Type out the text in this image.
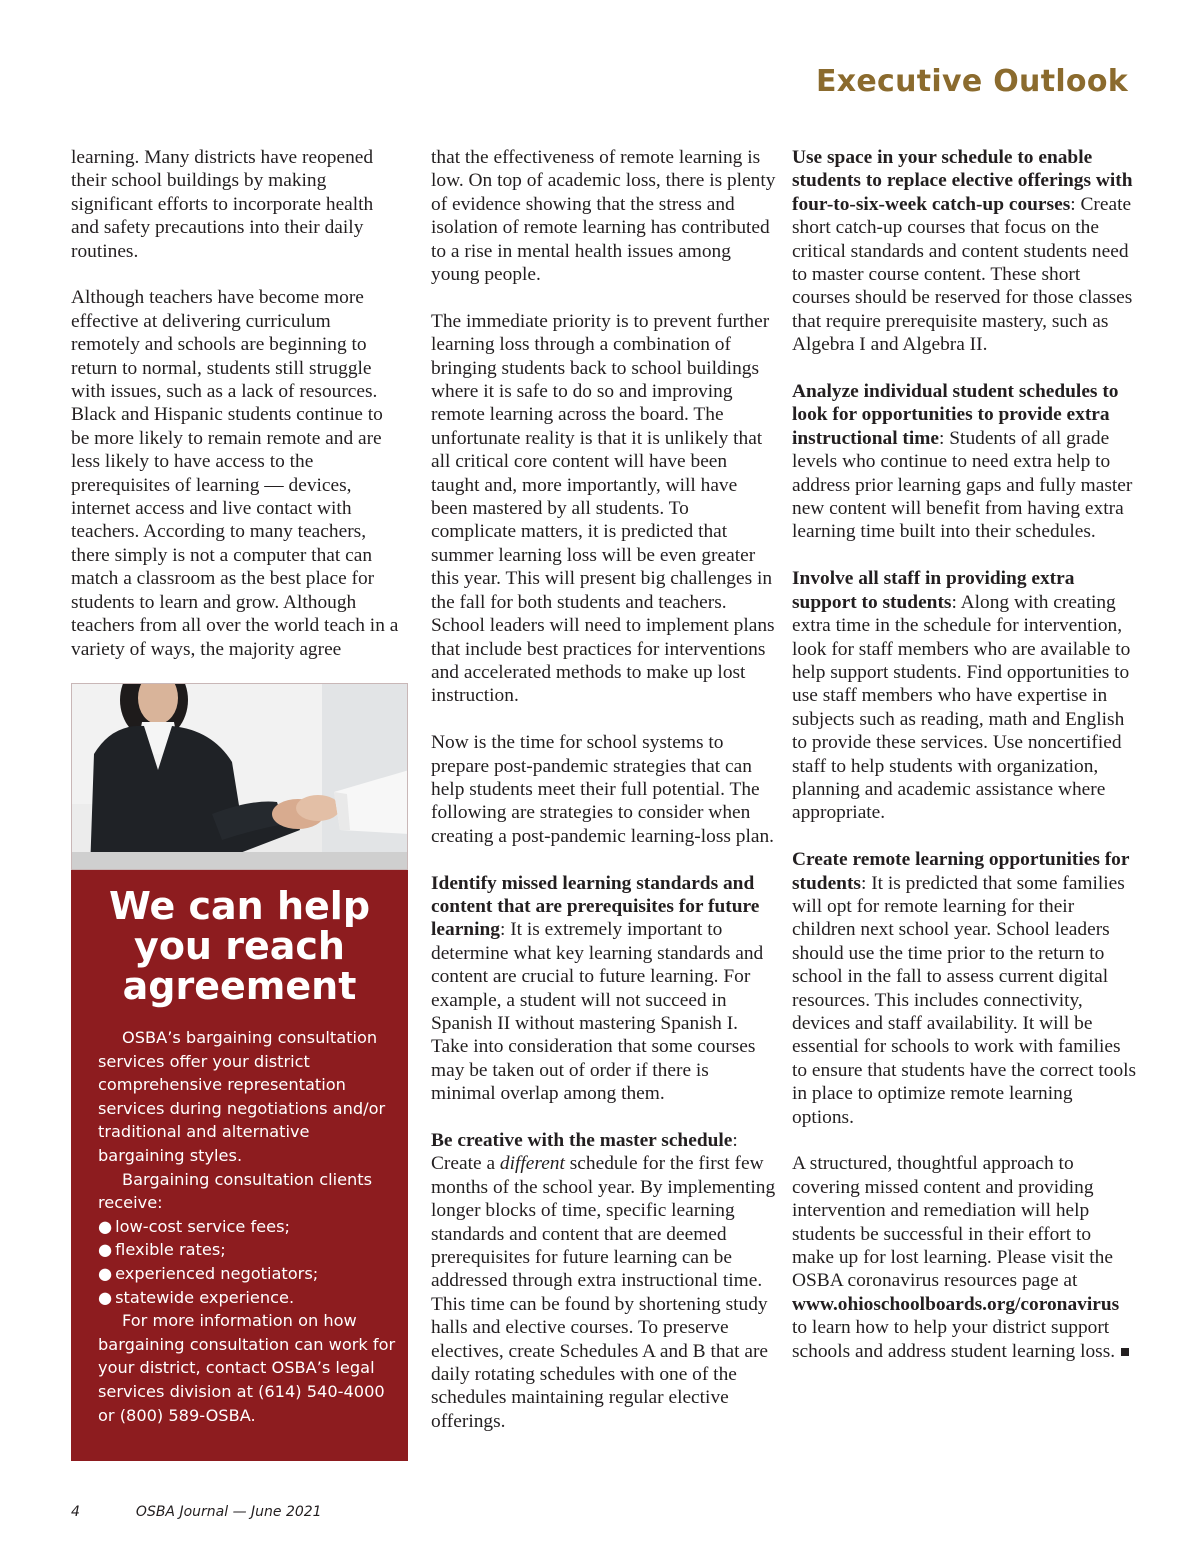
Executive Outlook

learning. Many districts have reopened their school buildings by making significant efforts to incorporate health and safety precautions into their daily routines.

Although teachers have become more effective at delivering curriculum remotely and schools are beginning to return to normal, students still struggle with issues, such as a lack of resources. Black and Hispanic students continue to be more likely to remain remote and are less likely to have access to the prerequisites of learning — devices, internet access and live contact with teachers. According to many teachers, there simply is not a computer that can match a classroom as the best place for students to learn and grow. Although teachers from all over the world teach in a variety of ways, the majority agree

We can help
you reach
agreement
OSBA’s bargaining consultation services offer your district comprehensive representation services during negotiations and/or traditional and alternative bargaining styles.
Bargaining consultation clients receive:
● low-cost service fees;
● flexible rates;
● experienced negotiators;
● statewide experience.
For more information on how bargaining consultation can work for your district, contact OSBA’s legal services division at (614) 540-4000 or (800) 589-OSBA.

that the effectiveness of remote learning is low. On top of academic loss, there is plenty of evidence showing that the stress and isolation of remote learning has contributed to a rise in mental health issues among young people.

The immediate priority is to prevent further learning loss through a combination of bringing students back to school buildings where it is safe to do so and improving remote learning across the board. The unfortunate reality is that it is unlikely that all critical core content will have been taught and, more importantly, will have been mastered by all students. To complicate matters, it is predicted that summer learning loss will be even greater this year. This will present big challenges in the fall for both students and teachers. School leaders will need to implement plans that include best practices for interventions and accelerated methods to make up lost instruction.

Now is the time for school systems to prepare post-pandemic strategies that can help students meet their full potential. The following are strategies to consider when creating a post-pandemic learning-loss plan.

Identify missed learning standards and content that are prerequisites for future learning: It is extremely important to determine what key learning standards and content are crucial to future learning. For example, a student will not succeed in Spanish II without mastering Spanish I. Take into consideration that some courses may be taken out of order if there is minimal overlap among them.

Be creative with the master schedule: Create a different schedule for the first few months of the school year. By implementing longer blocks of time, specific learning standards and content that are deemed prerequisites for future learning can be addressed through extra instructional time. This time can be found by shortening study halls and elective courses. To preserve electives, create Schedules A and B that are daily rotating schedules with one of the schedules maintaining regular elective offerings.

Use space in your schedule to enable students to replace elective offerings with four-to-six-week catch-up courses: Create short catch-up courses that focus on the critical standards and content students need to master course content. These short courses should be reserved for those classes that require prerequisite mastery, such as Algebra I and Algebra II.

Analyze individual student schedules to look for opportunities to provide extra instructional time: Students of all grade levels who continue to need extra help to address prior learning gaps and fully master new content will benefit from having extra learning time built into their schedules.

Involve all staff in providing extra support to students: Along with creating extra time in the schedule for intervention, look for staff members who are available to help support students. Find opportunities to use staff members who have expertise in subjects such as reading, math and English to provide these services. Use noncertified staff to help students with organization, planning and academic assistance where appropriate.

Create remote learning opportunities for students: It is predicted that some families will opt for remote learning for their children next school year. School leaders should use the time prior to the return to school in the fall to assess current digital resources. This includes connectivity, devices and staff availability. It will be essential for schools to work with families to ensure that students have the correct tools in place to optimize remote learning options.

A structured, thoughtful approach to covering missed content and providing intervention and remediation will help students be successful in their effort to make up for lost learning. Please visit the OSBA coronavirus resources page at www.ohioschoolboards.org/coronavirus to learn how to help your district support schools and address student learning loss.

4	OSBA Journal — June 2021
